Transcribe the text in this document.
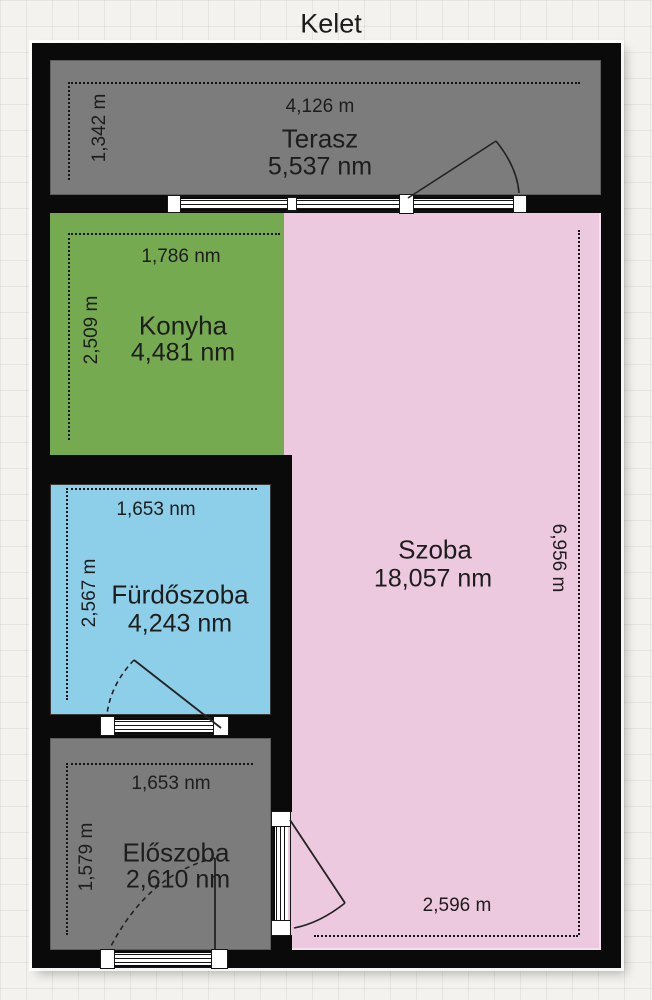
Kelet
4,126 m
Terasz
5,537 nm
1,342 m
1,786 nm
Konyha
4,481 nm
2,509 m
1,653 nm
Fürdőszoba
4,243 nm
2,567 m
1,653 nm
Előszoba
2,610 nm
1,579 m
Szoba
18,057 nm	6,956 m
2,596 m
